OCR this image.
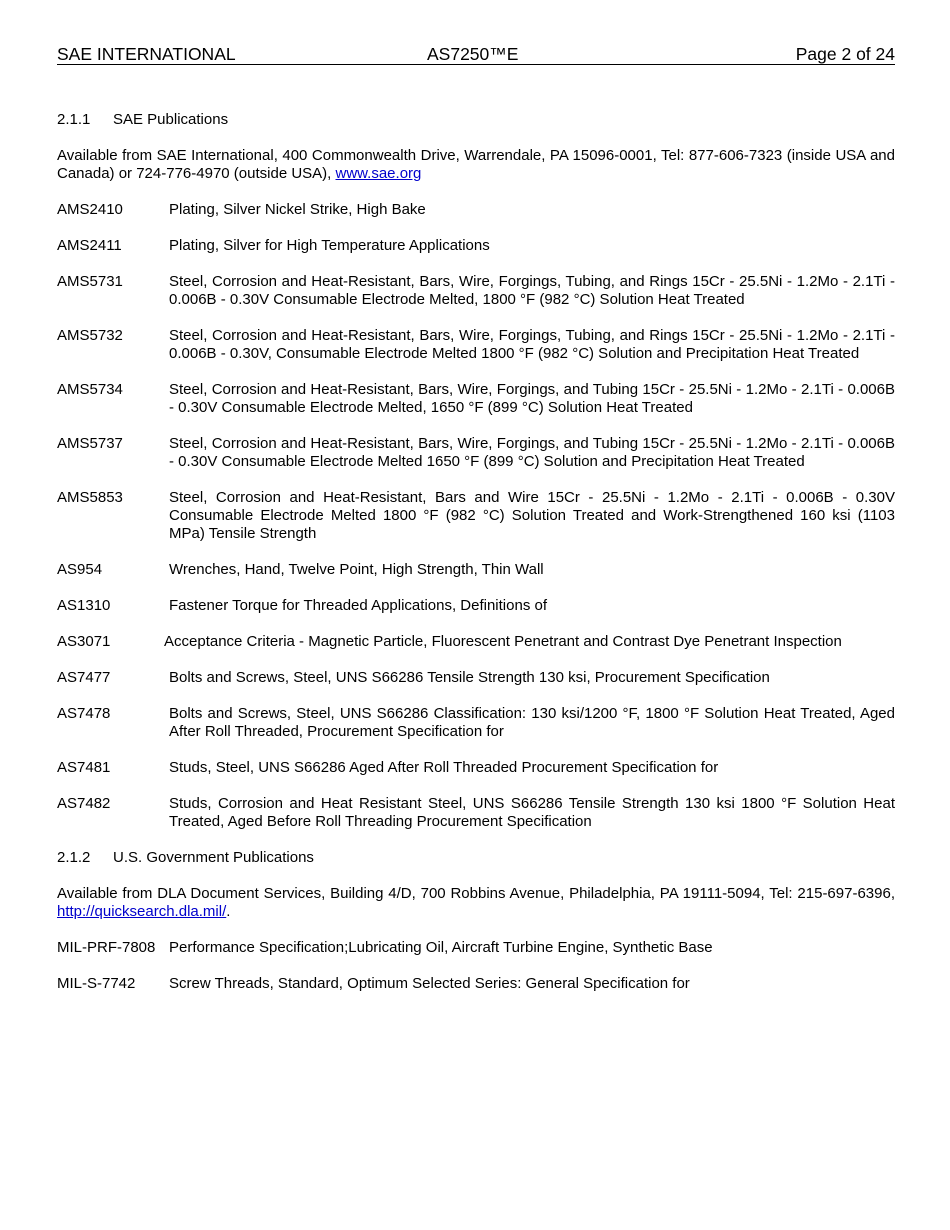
SAE INTERNATIONAL	AS7250™E	Page 2 of 24
2.1.1	SAE Publications

Available from SAE International, 400 Commonwealth Drive, Warrendale, PA 15096-0001, Tel: 877-606-7323 (inside USA and Canada) or 724-776-4970 (outside USA), www.sae.org

AMS2410	Plating, Silver Nickel Strike, High Bake
AMS2411	Plating, Silver for High Temperature Applications
AMS5731	Steel, Corrosion and Heat-Resistant, Bars, Wire, Forgings, Tubing, and Rings 15Cr - 25.5Ni - 1.2Mo - 2.1Ti - 0.006B - 0.30V Consumable Electrode Melted, 1800 °F (982 °C) Solution Heat Treated
AMS5732	Steel, Corrosion and Heat-Resistant, Bars, Wire, Forgings, Tubing, and Rings 15Cr - 25.5Ni - 1.2Mo - 2.1Ti - 0.006B - 0.30V, Consumable Electrode Melted 1800 °F (982 °C) Solution and Precipitation Heat Treated
AMS5734	Steel, Corrosion and Heat-Resistant, Bars, Wire, Forgings, and Tubing 15Cr - 25.5Ni - 1.2Mo - 2.1Ti - 0.006B - 0.30V Consumable Electrode Melted, 1650 °F (899 °C) Solution Heat Treated
AMS5737	Steel, Corrosion and Heat-Resistant, Bars, Wire, Forgings, and Tubing 15Cr - 25.5Ni - 1.2Mo - 2.1Ti - 0.006B - 0.30V Consumable Electrode Melted 1650 °F (899 °C) Solution and Precipitation Heat Treated
AMS5853	Steel, Corrosion and Heat-Resistant, Bars and Wire 15Cr - 25.5Ni - 1.2Mo - 2.1Ti - 0.006B - 0.30V Consumable Electrode Melted 1800 °F (982 °C) Solution Treated and Work-Strengthened 160 ksi (1103 MPa) Tensile Strength
AS954	Wrenches, Hand, Twelve Point, High Strength, Thin Wall
AS1310	Fastener Torque for Threaded Applications, Definitions of
AS3071	Acceptance Criteria - Magnetic Particle, Fluorescent Penetrant and Contrast Dye Penetrant Inspection
AS7477	Bolts and Screws, Steel, UNS S66286 Tensile Strength 130 ksi, Procurement Specification
AS7478	Bolts and Screws, Steel, UNS S66286 Classification: 130 ksi/1200 °F, 1800 °F Solution Heat Treated, Aged After Roll Threaded, Procurement Specification for
AS7481	Studs, Steel, UNS S66286 Aged After Roll Threaded Procurement Specification for
AS7482	Studs, Corrosion and Heat Resistant Steel, UNS S66286 Tensile Strength 130 ksi 1800 °F Solution Heat Treated, Aged Before Roll Threading Procurement Specification
2.1.2	U.S. Government Publications

Available from DLA Document Services, Building 4/D, 700 Robbins Avenue, Philadelphia, PA 19111-5094, Tel: 215-697-6396, http://quicksearch.dla.mil/.

MIL-PRF-7808 Performance Specification;Lubricating Oil, Aircraft Turbine Engine, Synthetic Base
MIL-S-7742	Screw Threads, Standard, Optimum Selected Series: General Specification for
